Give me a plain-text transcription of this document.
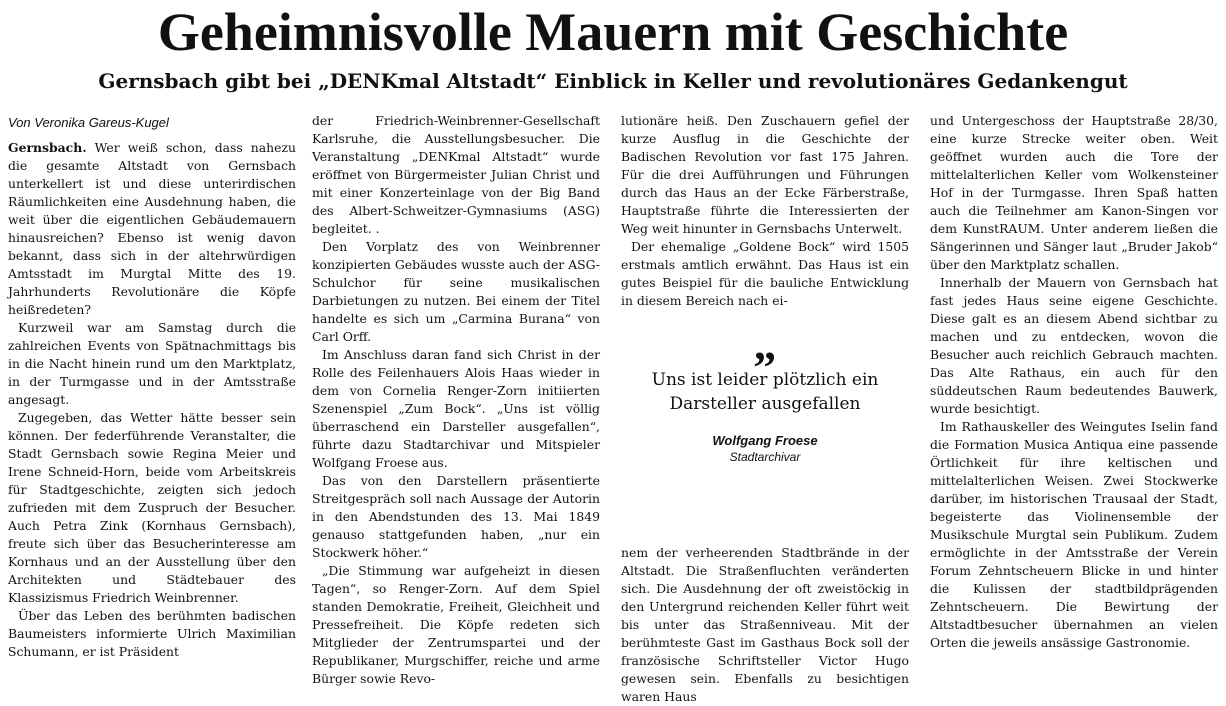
Geheimnisvolle Mauern mit Geschichte
Gernsbach gibt bei „DENKmal Altstadt“ Einblick in Keller und revolutionäres Gedankengut
Von Veronika Gareus-Kugel

Gernsbach. Wer weiß schon, dass nahezu die gesamte Altstadt von Gernsbach unterkellert ist und diese unterirdischen Räumlichkeiten eine Ausdehnung haben, die weit über die eigentlichen Gebäudemauern hinausreichen? Ebenso ist wenig davon bekannt, dass sich in der altehrwürdigen Amtsstadt im Murgtal Mitte des 19. Jahrhunderts Revolutionäre die Köpfe heißredeten?

Kurzweil war am Samstag durch die zahlreichen Events von Spätnachmittags bis in die Nacht hinein rund um den Marktplatz, in der Turmgasse und in der Amtsstraße angesagt.

Zugegeben, das Wetter hätte besser sein können. Der federführende Veranstalter, die Stadt Gernsbach sowie Regina Meier und Irene Schneid-Horn, beide vom Arbeitskreis für Stadtgeschichte, zeigten sich jedoch zufrieden mit dem Zuspruch der Besucher. Auch Petra Zink (Kornhaus Gernsbach), freute sich über das Besucherinteresse am Kornhaus und an der Ausstellung über den Architekten und Städtebauer des Klassizismus Friedrich Weinbrenner.

Über das Leben des berühmten badischen Baumeisters informierte Ulrich Maximilian Schumann, er ist Präsident

der Friedrich-Weinbrenner-Gesellschaft Karlsruhe, die Ausstellungsbesucher. Die Veranstaltung „DENKmal Altstadt“ wurde eröffnet von Bürgermeister Julian Christ und mit einer Konzerteinlage von der Big Band des Albert-Schweitzer-Gymnasiums (ASG) begleitet. .

Den Vorplatz des von Weinbrenner konzipierten Gebäudes wusste auch der ASG-Schulchor für seine musikalischen Darbietungen zu nutzen. Bei einem der Titel handelte es sich um „Carmina Burana“ von Carl Orff.

Im Anschluss daran fand sich Christ in der Rolle des Feilenhauers Alois Haas wieder in dem von Cornelia Renger-Zorn initiierten Szenenspiel „Zum Bock“. „Uns ist völlig überraschend ein Darsteller ausgefallen“, führte dazu Stadtarchivar und Mitspieler Wolfgang Froese aus.

Das von den Darstellern präsentierte Streitgespräch soll nach Aussage der Autorin in den Abendstunden des 13. Mai 1849 genauso stattgefunden haben, „nur ein Stockwerk höher.“

„Die Stimmung war aufgeheizt in diesen Tagen“, so Renger-Zorn. Auf dem Spiel standen Demokratie, Freiheit, Gleichheit und Pressefreiheit. Die Köpfe redeten sich Mitglieder der Zentrumspartei und der Republikaner, Murgschiffer, reiche und arme Bürger sowie Revo-

lutionäre heiß. Den Zuschauern gefiel der kurze Ausflug in die Geschichte der Badischen Revolution vor fast 175 Jahren. Für die drei Aufführungen und Führungen durch das Haus an der Ecke Färberstraße, Hauptstraße führte die Interessierten der Weg weit hinunter in Gernsbachs Unterwelt.

Der ehemalige „Goldene Bock“ wird 1505 erstmals amtlich erwähnt. Das Haus ist ein gutes Beispiel für die bauliche Entwicklung in diesem Bereich nach ei-

„
Uns ist leider plötzlich ein Darsteller ausgefallen
Wolfgang Froese
Stadtarchivar

nem der verheerenden Stadtbrände in der Altstadt. Die Straßenfluchten veränderten sich. Die Ausdehnung der oft zweistöckig in den Untergrund reichenden Keller führt weit bis unter das Straßenniveau. Mit der berühmteste Gast im Gasthaus Bock soll der französische Schriftsteller Victor Hugo gewesen sein. Ebenfalls zu besichtigen waren Haus

und Untergeschoss der Hauptstraße 28/30, eine kurze Strecke weiter oben. Weit geöffnet wurden auch die Tore der mittelalterlichen Keller vom Wolkensteiner Hof in der Turmgasse. Ihren Spaß hatten auch die Teilnehmer am Kanon-Singen vor dem KunstRAUM. Unter anderem ließen die Sängerinnen und Sänger laut „Bruder Jakob“ über den Marktplatz schallen.

Innerhalb der Mauern von Gernsbach hat fast jedes Haus seine eigene Geschichte. Diese galt es an diesem Abend sichtbar zu machen und zu entdecken, wovon die Besucher auch reichlich Gebrauch machten. Das Alte Rathaus, ein auch für den süddeutschen Raum bedeutendes Bauwerk, wurde besichtigt.

Im Rathauskeller des Weingutes Iselin fand die Formation Musica Antiqua eine passende Örtlichkeit für ihre keltischen und mittelalterlichen Weisen. Zwei Stockwerke darüber, im historischen Trausaal der Stadt, begeisterte das Violinensemble der Musikschule Murgtal sein Publikum. Zudem ermöglichte in der Amtsstraße der Verein Forum Zehntscheuern Blicke in und hinter die Kulissen der stadtbildprägenden Zehntscheuern. Die Bewirtung der Altstadtbesucher übernahmen an vielen Orten die jeweils ansässige Gastronomie.
